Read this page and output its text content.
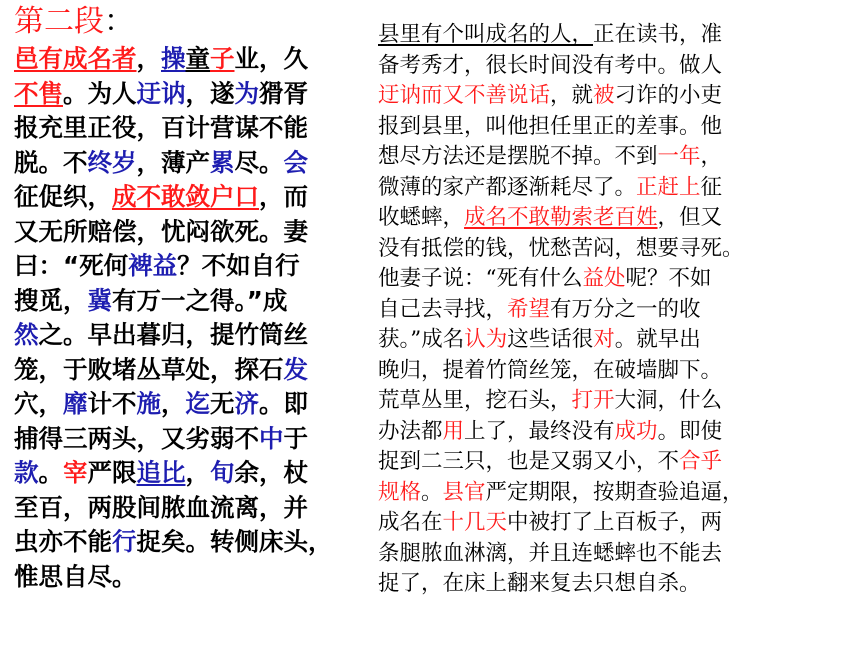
第二段：

邑有成名者，操童子业，久

不售。为人迂讷，遂为猾胥

报充里正役，百计营谋不能

脱。不终岁，薄产累尽。会

征促织，成不敢敛户口，而

又无所赔偿，忧闷欲死。妻

曰：“死何裨益？不如自行

搜觅，冀有万一之得。”成

然之。早出暮归，提竹筒丝

笼，于败堵丛草处，探石发

穴，靡计不施，迄无济。即

捕得三两头，又劣弱不中于

款。宰严限追比，旬余，杖

至百，两股间脓血流离，并

虫亦不能行捉矣。转侧床头，

惟思自尽。

县里有个叫成名的人，正在读书，准

备考秀才，很长时间没有考中。做人

迂讷而又不善说话，就被刁诈的小吏

报到县里，叫他担任里正的差事。他

想尽方法还是摆脱不掉。不到一年，

微薄的家产都逐渐耗尽了。正赶上征

收蟋蟀，成名不敢勒索老百姓，但又

没有抵偿的钱，忧愁苦闷，想要寻死。

他妻子说：“死有什么益处呢？不如

自己去寻找，希望有万分之一的收

获。”成名认为这些话很对。就早出

晚归，提着竹筒丝笼，在破墙脚下。

荒草丛里，挖石头，打开大洞，什么

办法都用上了，最终没有成功。即使

捉到二三只，也是又弱又小，不合乎

规格。县官严定期限，按期查验追逼，

成名在十几天中被打了上百板子，两

条腿脓血淋漓，并且连蟋蟀也不能去

捉了，在床上翻来复去只想自杀。
